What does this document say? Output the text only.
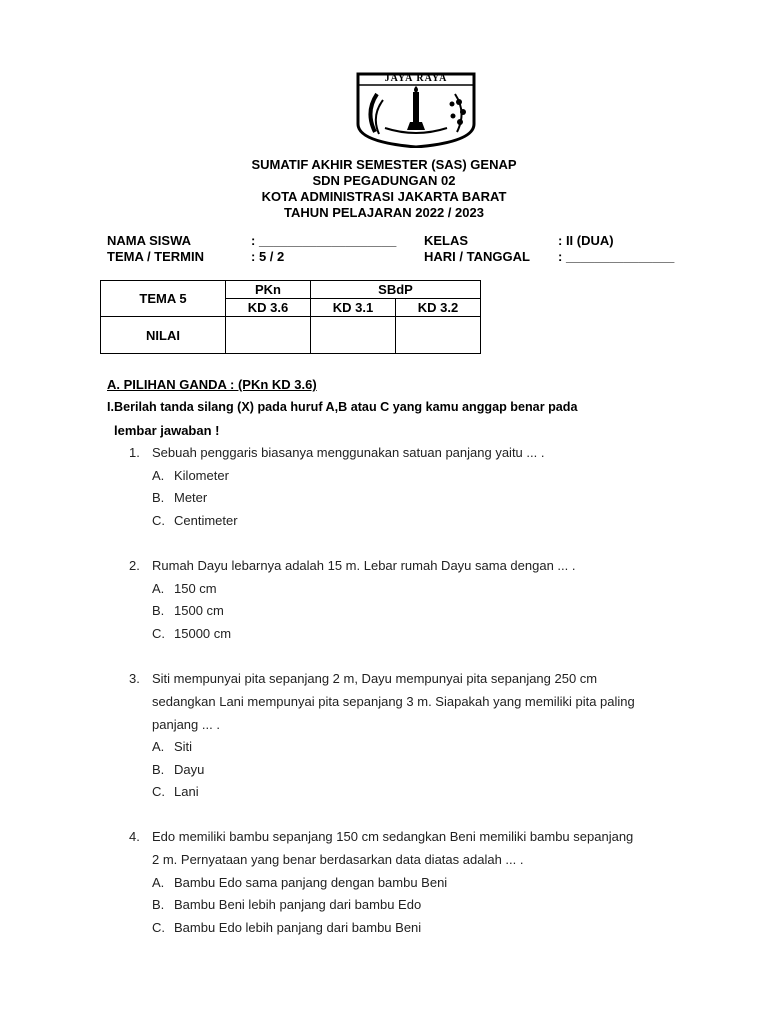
JAYA RAYA
SUMATIF AKHIR SEMESTER (SAS) GENAP
SDN PEGADUNGAN 02
KOTA ADMINISTRASI JAKARTA BARAT
TAHUN PELAJARAN 2022 / 2023
NAMA SISWA	: ___________________ KELAS	: II (DUA)
TEMA / TERMIN	: 5 / 2	HARI / TANGGAL : _______________
TEMA 5	PKn	SBdP	
	KD 3.6	KD 3.1	KD 3.2
NILAI			
A. PILIHAN GANDA : (PKn KD 3.6)
I.Berilah tanda silang (X) pada huruf A,B atau C yang kamu anggap benar pada
lembar jawaban !
1. Sebuah penggaris biasanya menggunakan satuan panjang yaitu ... .
A. Kilometer
B. Meter
C. Centimeter
2. Rumah Dayu lebarnya adalah 15 m. Lebar rumah Dayu sama dengan ... .
A. 150 cm
B. 1500 cm
C. 15000 cm
3. Siti mempunyai pita sepanjang 2 m, Dayu mempunyai pita sepanjang 250 cm
sedangkan Lani mempunyai pita sepanjang 3 m. Siapakah yang memiliki pita paling
panjang ... .
A. Siti
B. Dayu
C. Lani
4. Edo memiliki bambu sepanjang 150 cm sedangkan Beni memiliki bambu sepanjang
2 m. Pernyataan yang benar berdasarkan data diatas adalah ... .
A. Bambu Edo sama panjang dengan bambu Beni
B. Bambu Beni lebih panjang dari bambu Edo
C. Bambu Edo lebih panjang dari bambu Beni
